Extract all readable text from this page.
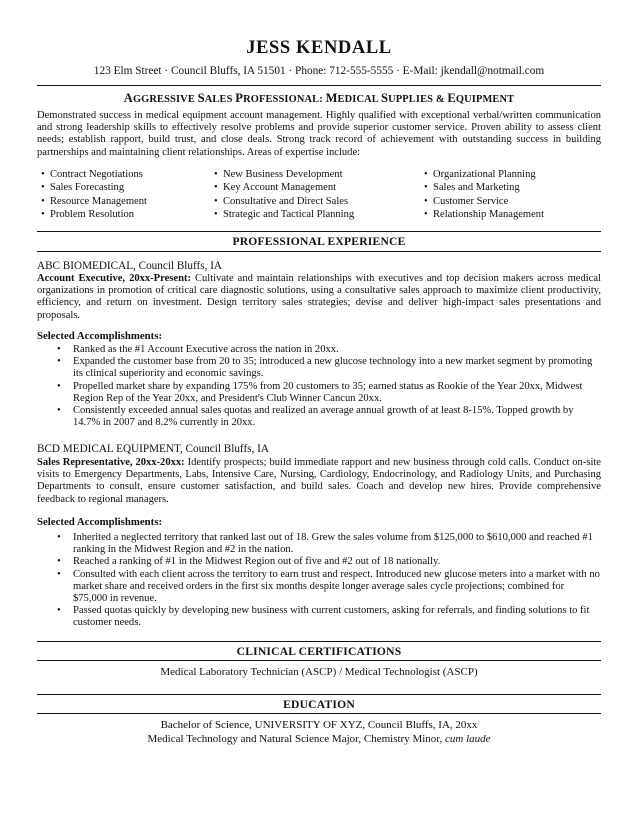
JESS KENDALL
123 Elm Street · Council Bluffs, IA 51501 · Phone: 712-555-5555 · E-Mail: jkendall@notmail.com
AGGRESSIVE SALES PROFESSIONAL: MEDICAL SUPPLIES & EQUIPMENT
Demonstrated success in medical equipment account management. Highly qualified with exceptional verbal/written communication and strong leadership skills to effectively resolve problems and provide superior customer service. Proven ability to assess client needs; establish rapport, build trust, and close deals. Strong track record of achievement with outstanding success in building partnerships and maintaining client relationships. Areas of expertise include:
• Contract Negotiations
• Sales Forecasting
• Resource Management
• Problem Resolution
• New Business Development
• Key Account Management
• Consultative and Direct Sales
• Strategic and Tactical Planning
• Organizational Planning
• Sales and Marketing
• Customer Service
• Relationship Management
PROFESSIONAL EXPERIENCE
ABC BIOMEDICAL, Council Bluffs, IA
Account Executive, 20xx-Present: Cultivate and maintain relationships with executives and top decision makers across medical organizations in promotion of critical care diagnostic solutions, using a consultative sales approach to maximize client productivity, efficiency, and return on investment. Design territory sales strategies; devise and deliver high-impact sales presentations and proposals.
Selected Accomplishments:
• Ranked as the #1 Account Executive across the nation in 20xx.
• Expanded the customer base from 20 to 35; introduced a new glucose technology into a new market segment by promoting its clinical superiority and economic savings.
• Propelled market share by expanding 175% from 20 customers to 35; earned status as Rookie of the Year 20xx, Midwest Region Rep of the Year 20xx, and President's Club Winner Cancun 20xx.
• Consistently exceeded annual sales quotas and realized an average annual growth of at least 8-15%. Topped growth by 14.7% in 2007 and 8.2% currently in 20xx.
BCD MEDICAL EQUIPMENT, Council Bluffs, IA
Sales Representative, 20xx-20xx: Identify prospects; build immediate rapport and new business through cold calls. Conduct on-site visits to Emergency Departments, Labs, Intensive Care, Nursing, Cardiology, Endocrinology, and Radiology Units, and Purchasing Departments to consult, ensure customer satisfaction, and build sales. Coach and develop new hires. Provide comprehensive feedback to regional managers.
Selected Accomplishments:
• Inherited a neglected territory that ranked last out of 18. Grew the sales volume from $125,000 to $610,000 and reached #1 ranking in the Midwest Region and #2 in the nation.
• Reached a ranking of #1 in the Midwest Region out of five and #2 out of 18 nationally.
• Consulted with each client across the territory to earn trust and respect. Introduced new glucose meters into a market with no market share and received orders in the first six months despite longer average sales cycle projections; combined for $75,000 in revenue.
• Passed quotas quickly by developing new business with current customers, asking for referrals, and finding solutions to fit customer needs.
CLINICAL CERTIFICATIONS
Medical Laboratory Technician (ASCP) / Medical Technologist (ASCP)
EDUCATION
Bachelor of Science, UNIVERSITY OF XYZ, Council Bluffs, IA, 20xx
Medical Technology and Natural Science Major, Chemistry Minor, cum laude
